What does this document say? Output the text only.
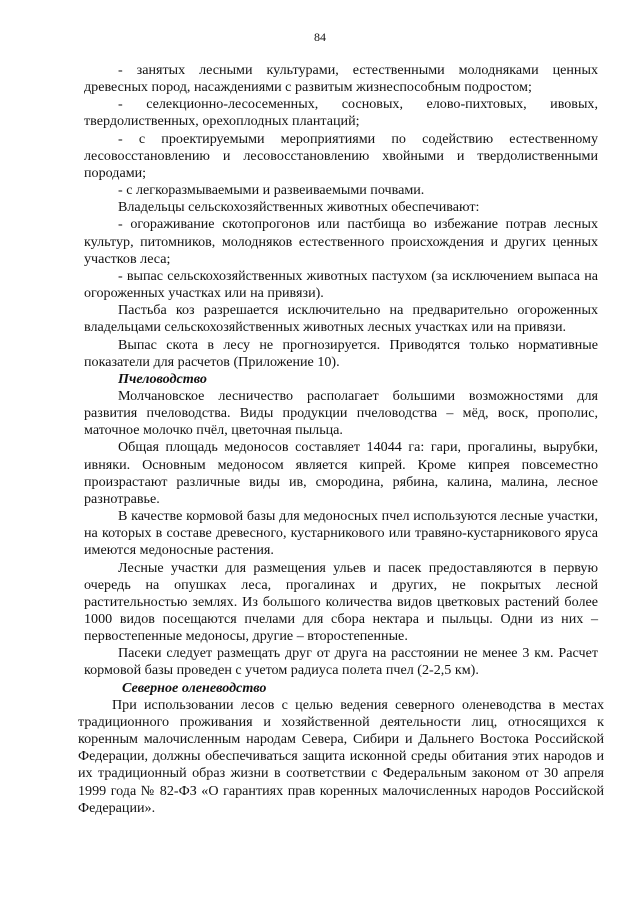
84

- занятых лесными культурами, естественными молодняками ценных древесных пород, насаждениями с развитым жизнеспособным подростом;

- селекционно-лесосеменных, сосновых, елово-пихтовых, ивовых, твердолиственных, орехоплодных плантаций;

- с проектируемыми мероприятиями по содействию естественному лесовосстановлению и лесовосстановлению хвойными и твердолиственными породами;

- с легкоразмываемыми и развеиваемыми почвами.

Владельцы сельскохозяйственных животных обеспечивают:

- огораживание скотопрогонов или пастбища во избежание потрав лесных культур, питомников, молодняков естественного происхождения и других ценных участков леса;

- выпас сельскохозяйственных животных пастухом (за исключением выпаса на огороженных участках или на привязи).

Пастьба коз разрешается исключительно на предварительно огороженных владельцами сельскохозяйственных животных лесных участках или на привязи.

Выпас скота в лесу не прогнозируется. Приводятся только нормативные показатели для расчетов (Приложение 10).

Пчеловодство

Молчановское лесничество располагает большими возможностями для развития пчеловодства. Виды продукции пчеловодства – мёд, воск, прополис, маточное молочко пчёл, цветочная пыльца.

Общая площадь медоносов составляет 14044 га: гари, прогалины, вырубки, ивняки. Основным медоносом является кипрей. Кроме кипрея повсеместно произрастают различные виды ив, смородина, рябина, калина, малина, лесное разнотравье.

В качестве кормовой базы для медоносных пчел используются лесные участки, на которых в составе древесного, кустарникового или травяно-кустарникового яруса имеются медоносные растения.

Лесные участки для размещения ульев и пасек предоставляются в первую очередь на опушках леса, прогалинах и других, не покрытых лесной растительностью землях. Из большого количества видов цветковых растений более 1000 видов посещаются пчелами для сбора нектара и пыльцы. Одни из них – первостепенные медоносы, другие – второстепенные.

Пасеки следует размещать друг от друга на расстоянии не менее 3 км. Расчет кормовой базы проведен с учетом радиуса полета пчел (2-2,5 км).

Северное оленеводство

При использовании лесов с целью ведения северного оленеводства в местах традиционного проживания и хозяйственной деятельности лиц, относящихся к коренным малочисленным народам Севера, Сибири и Дальнего Востока Российской Федерации, должны обеспечиваться защита исконной среды обитания этих народов и их традиционный образ жизни в соответствии с Федеральным законом от 30 апреля 1999 года № 82-ФЗ «О гарантиях прав коренных малочисленных народов Российской Федерации».
